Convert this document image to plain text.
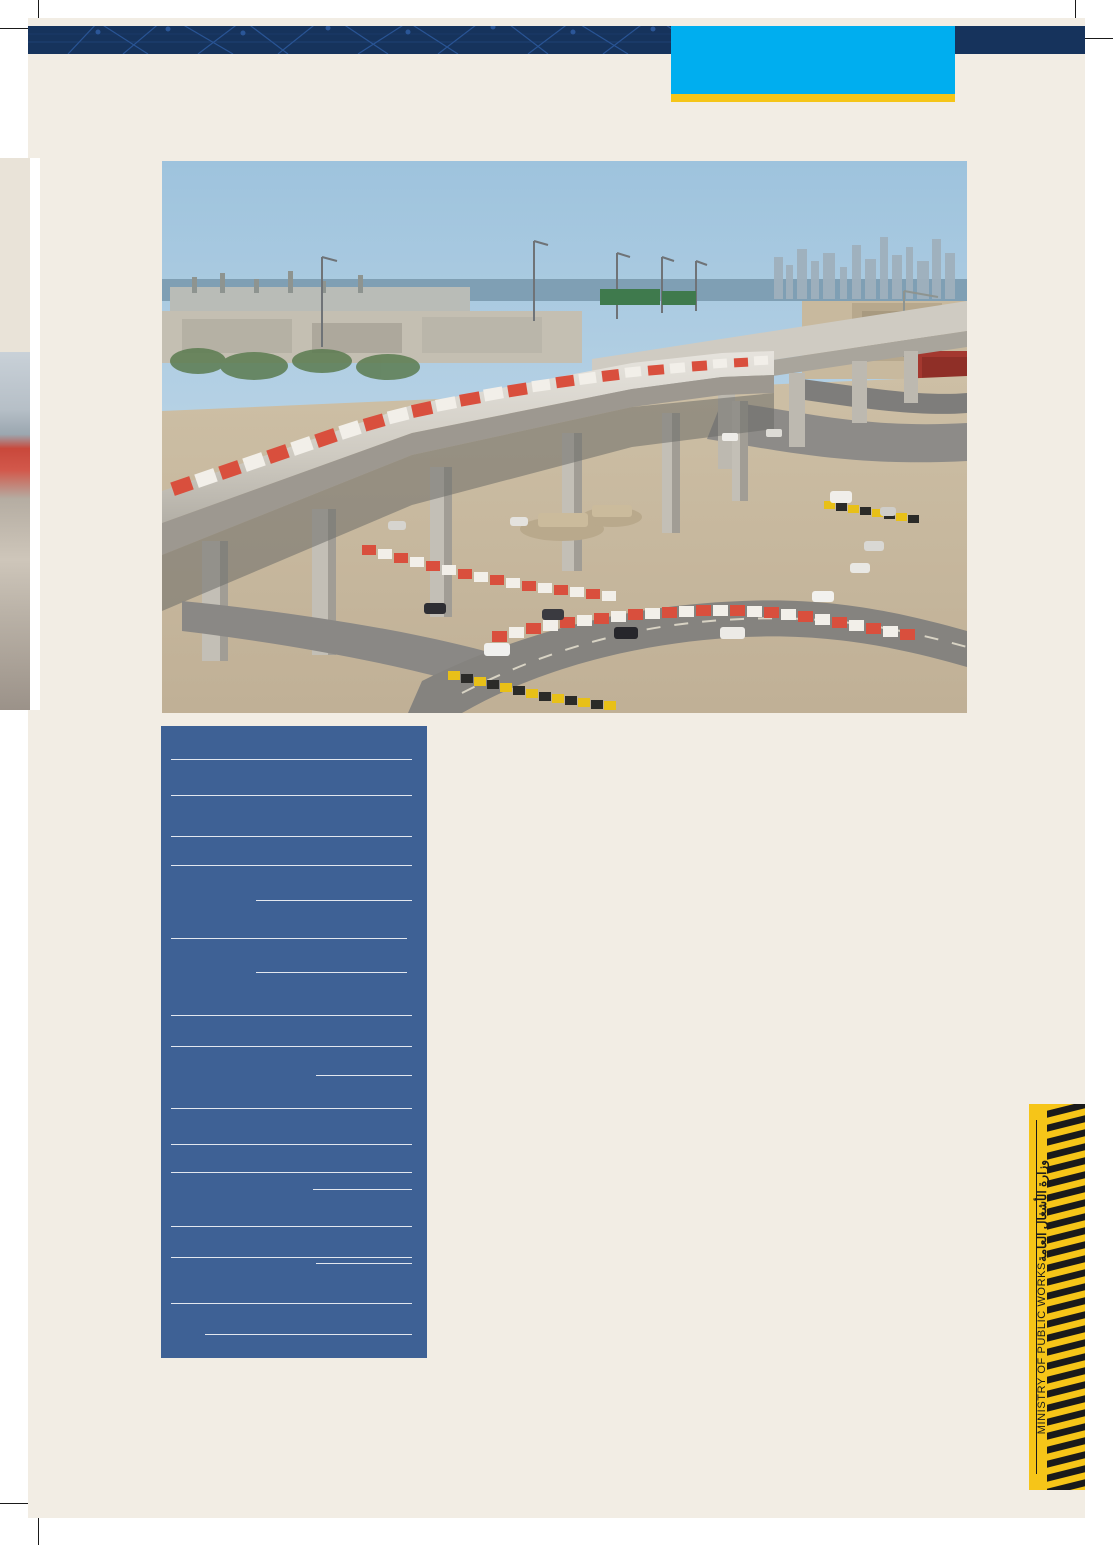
وزارة الأشغال العامة
MINISTRY OF PUBLIC WORKS
